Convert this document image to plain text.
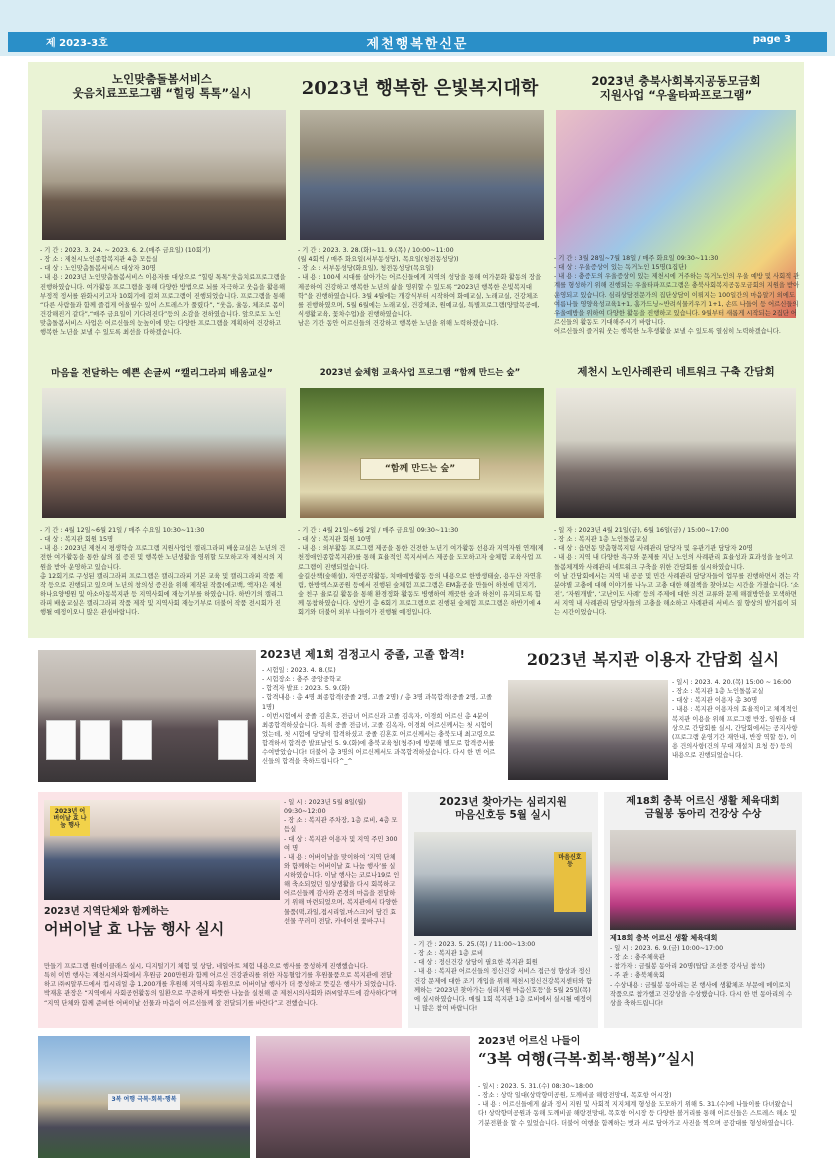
제 2023-3호	제천행복한신문	page 3
노인맞춤돌봄서비스
웃음치료프로그램 “힐링 톡톡”실시

- 기 간 : 2023. 3. 24. ~ 2023. 6. 2.(매주 금요일) (10회기)

- 장 소 : 제천시노인종합복지관 4층 모듬실

- 대 상 : 노인맞춤돌봄서비스 대상자 30명

- 내 용 : 2023년 노인맞춤돌봄서비스 이용자를 대상으로 “힐링 톡톡”웃음치료프로그램을 진행하였습니다. 여가활동 프로그램을 통해 다양한 방법으로 뇌를 자극하고 웃음을 활용해 부정적 정서를 완화시키고자 10회기에 걸쳐 프로그램이 진행되었습니다. 프로그램을 통해 “다른 사람들과 함께 즐겁게 어울릴수 있어 스트레스가 풀렸다”, “웃음, 율동, 체조로 몸이 건강해진거 같다”,“매주 금요일이 기다려진다”등의 소감을 전하였습니다. 앞으로도 노인맞춤돌봄서비스 사업은 어르신들의 눈높이에 맞는 다양한 프로그램을 계획하여 건강하고 행복한 노년을 보낼 수 있도록 최선을 다하겠습니다.

2023년 행복한 은빛복지대학

- 기 간 : 2023. 3. 28.(화)~11. 9.(목) / 10:00~11:00

(월 4회씩 / 매주 화요일(서부동성당), 목요일(청전동성당))

- 장 소 : 서부동성당(화요일), 청전동성당(목요일)

- 내 용 : 100세 시대를 살아가는 어르신들에게 지역의 성당을 통해 여가문화 활동의 장을 제공하여 건강하고 행복한 노년의 삶을 영위할 수 있도록 “2023년 행복한 은빛복지대학”을 진행하였습니다. 3월 4월에는 개강식부터 시작하여 화예교실, 노래교실, 건강체조를 진행하였으며, 5월 6월에는 노래교실, 건강체조, 원예교실, 특별프로그램(양말목공예, 식생활교육, 꽃차수업)을 진행하였습니다.

남은 기간 동안 어르신들의 건강하고 행복한 노년을 위해 노력하겠습니다.

2023년 충북사회복지공동모금회
지원사업 “우울타파프로그램”

- 기 간 : 3월 28일~7월 18일 / 매주 화요일 09:30~11:30

- 대 상 : 우울증상이 있는 독거노인 15명(1집단)

- 내 용 : 충증도의 우울증상이 있는 제천시에 거주하는 독거노인의 우울 예방 및 사회적 관계를 형성하기 위해 진행되는 우울타파프로그램은 충북사회복지공동모금회의 지원을 받아 운영되고 있습니다. 심리상담전문가의 집단상담이 이뤄지는 100일간의 마음알기 외에도 여름나들 영양육성교육1+1, 홈가드닝~반려식물키우기 1+1, 손뜨 나들이 등 어르신들의 우울예방을 위하여 다양한 활동을 진행하고 있습니다. 9월부터 새롭게 시작되는 2집단 어르신들의 활동도 기대해주시기 바랍니다.

어르신들의 즐거워 웃는 행복한 노후생활을 보낼 수 있도록 열심히 노력하겠습니다.

마음을 전달하는 예쁜 손글씨 “캘리그라피 배움교실”

- 기 간 : 4월 12일~6월 21일 / 매주 수요일 10:30~11:30

- 대 상 : 복지관 회원 15명

- 내 용 : 2023년 제천시 평생학습 프로그램 지원사업인 캘리그라피 배움교실은 노년의 건전한 여가활동을 통한 삶의 질 증진 및 행복한 노년생활을 영위할 도모하고자 제천시의 지원을 받아 운영하고 있습니다.

총 12회기로 구성된 캘리그라피 프로그램은 캘리그라피 기본 교육 및 캘리그라피 작품 제작 등으로 진행되고 있으며 노년의 창의성 증진을 위해 제작된 작품(에코백, 액자)은 제천하나요양병원 및 아소아동복지관 등 지역사회에 재능기부를 하였습니다. 하반기의 캘리그라피 배움교실은 캘리그라피 작품 제작 및 지역사회 재능기부로 더불어 작품 전시회가 진행될 예정이오니 많은 관심바랍니다.

2023년 숲체험 교육사업 프로그램 “함께 만드는 숲”
“함께 만드는 숲”

- 기 간 : 4월 21일~6월 2일 / 매주 금요일 09:30~11:30

- 대 상 : 복지관 회원 10명

- 내 용 : 외부활동 프로그램 제공을 통한 건전한 노년기 여가활동 선용과 지역자원 연계(제천정애인종합복지관)를 통해 효율적인 복지서비스 제공을 도모하고자 숲체험 교육사업 프로그램이 진행되었습니다.

숲길산책(숲해설), 자연공작활동, 치매예방활동 등의 내용으로 한방생태숲, 용두산 자연휴림, 한방엑스포공원 등에서 진행된 숲체험 프로그램은 EM흙공을 만들어 하천에 던지기, 숲 친구 율로길 활동을 통해 환경정화 활동도 병행하여 깨끗한 숲과 하천이 유지되도록 함께 동참하였습니다. 상반기 총 6회기 프로그램으로 진행된 숲체험 프로그램은 하반기에 4회기와 더불어 외부 나들이가 진행될 예정입니다.

제천시 노인사례관리 네트워크 구축 간담회

- 일 자 : 2023년 4월 21일(금), 6월 16일(금) / 15:00~17:00

- 장 소 : 복지관 1층 노인돌봄교실

- 대 상 : 읍면동 맞춤형복지팀 사례관리 담당자 및 유관기관 담당자 20명

- 내 용 : 지역 내 다양한 욕구와 문제를 지닌 노인의 사례관리 효율성과 효과성을 높이고 돌봄체계와 사례관리 네트워크 구축을 위한 간담회를 실시하였습니다.

이 날 간담회에서는 지역 내 공공 및 민간 사례관리 담당자들이 업무를 진행하면서 겪는 각 분야별 고충에 대해 이야기를 나누고 고충 대한 해결책을 찾아보는 시간을 가졌습니다. ‘소진’, ‘자원개발’, ‘고난이도 사례’ 등의 주제에 대한 의견 교류와 문제 해결방안을 모색하면서 지역 내 사례관리 담당자들의 고충을 해소하고 사례관리 서비스 질 향상의 발거름이 되는 시간이었습니다.

2023년 제1회 검정고시 중졸, 고졸 합격!

- 시험일 : 2023. 4. 8.(토)

- 시험장소 : 충주 중앙중학교

- 합격자 발표 : 2023. 5. 9.(화)

- 합격내용 : 총 4명 최종합격(중졸 2명, 고졸 2명) / 총 3명 과목합격(중졸 2명, 고졸 1명)

- 이번시험에서 중졸 김혼호, 전급녀 어르신과 고졸 김옥자, 이경희 어르신 총 4분이 최종합격하셨습니다. 특히 중졸 전급녀, 고졸 김옥자, 이경희 어르신께서는 첫 시험이었는데, 첫 시험에 당당히 합격하셨고 중졸 김혼호 어르신께서는 충북도내 최고령으로 합격하셔 합격증 발표날인 5. 9.(화)에 충북교육청(청주)에 방문해 별도로 합격증서를 수여받았습니다! 더불어 총 3명의 어르신께서도 과목합격하셨습니다. 다시 한 번 어르신들의 합격을 축하드립니다^_^

2023년 복지관 이용자 간담회 실시

- 일시 : 2023. 4. 20.(목) 15:00 ~ 16:00

- 장소 : 복지관 1층 노인돌봄교실

- 대상 : 복지관 이용자 총 30명

- 내용 : 복지관 이용자의 효율적이고 체계적인 복지관 이용을 위해 프로그램 반장, 임원을 대상으로 간담회를 실시, 간담회에서는 공지사항(프로그램 운영기간 재안내, 반장 역할 등), 이용 건의사항(건의 무대 재설치 요청 등) 등의 내용으로 진행되었습니다.

2023년 어버이날 효 나눔 행사
2023년 지역단체와 함께하는
어버이날 효 나눔 행사 실시

- 일 시 : 2023년 5월 8일(월)

09:30~12:00

- 장 소 : 복지관 주차장, 1층 로비, 4층 모듬실

- 대 상 : 복지관 이용자 및 지역 주민 300여 명

- 내 용 : 어버이날을 맞이하여 ‘지역 단체와 함께하는 어버이날 효 나눔 행사’를 실시하였습니다. 이날 행사는 코로나19로 인해 축소되었던 일상생활을 다시 회복하고 어르신들께 감사와 존경의 마음을 전달하기 위해 마련되었으며, 복지관에서 다양한 물품(떡,과일,접시리얼,마스크)이 담긴 효선물 꾸러미 전달, 카네이션 꽃바구니

만들기 프로그램 원데이클래스 실시, 디지털기기 체험 및 상담, 네일아트 체험 내용으로 행사를 풍성하게 진행했습니다.

특히 이번 행사는 제천시의사회에서 후원금 200만원과 함께 어르신 건강관리를 위한 자동혈압기를 후원물품으로 복지관에 전달하고 ㈜씨알푸드에서 컵시리얼 총 1,200개를 후원해 지역사회 후원으로 어버이날 행사가 더 풍성하고 뜻깊은 행사가 되었습니다.

박재훈 관장은 “지역에서 사회공헌활동의 일환으로 꾸준하게 따뜻한 나눔을 실천해 준 제천시의사회와 ㈜씨알푸드에 감사하다”며 “지역 단체와 함께 준비한 어버이날 선물과 마음이 어르신들께 잘 전달되기를 바란다”고 전했습니다.

2023년 찾아가는 심리지원
마음신호등 5월 실시
마음신호등

- 기 간 : 2023. 5. 25.(목) / 11:00~13:00

- 장 소 : 복지관 1층 로비

- 대 상 : 정신건강 상담이 필요한 복지관 회원

- 내 용 : 복지관 어르신들의 정신건강 서비스 접근성 향상과 정신건강 문제에 대한 조기 개입을 위해 제천시정신건강복지센터와 함께하는 ‘2023년 찾아가는 심리지원 마음신호등’을 5월 25일(목)에 실시하였습니다. 매월 1회 복지관 1층 로비에서 실시될 예정이니 많은 참여 바랍니다!

제18회 충북 어르신 생활 체육대회
금월봉 동아리 건강상 수상
제18회 충북 어르신 생활 체육대회

- 일 시 : 2023. 6. 9.(금) 10:00~17:00

- 장 소 : 충주체육관

- 참가자 : 금월봉 동아리 20명(탑답 조선풍 강사님 참석)

- 주 관 : 충북체육회

- 수상내용 : 금월봉 동아리는 본 행사에 생활체조 부문에 메이로치 작품으로 참가했고 건강상을 수상했습니다. 다시 한 번 동아리의 수상을 축하드립니다!

3복 여행 극복·회복·행복
2023년 어르신 나들이
“3복 여행(극복·회복·행복)”실시

- 일시 : 2023. 5. 31.(수) 08:30~18:00

- 장소 : 상락 일대(상락향미공원, 도깨비골 해랑전망대, 목호항 어시장)

- 내 용 : 어르신들에게 삶과 정서 지원 및 사회적 지지체계 형성을 도모하기 위해 5. 31.(수)에 나들이를 다녀왔습니다! 상락향미공원과 동해 도깨비골 해랑전망대, 목호항 어시장 등 다양한 볼거리를 통해 어르신들은 스트레스 해소 및 기분전환을 할 수 있었습니다. 더불어 여행을 함께하는 벗과 서로 담아가고 사진을 찍으며 공감대를 형성하였습니다.
